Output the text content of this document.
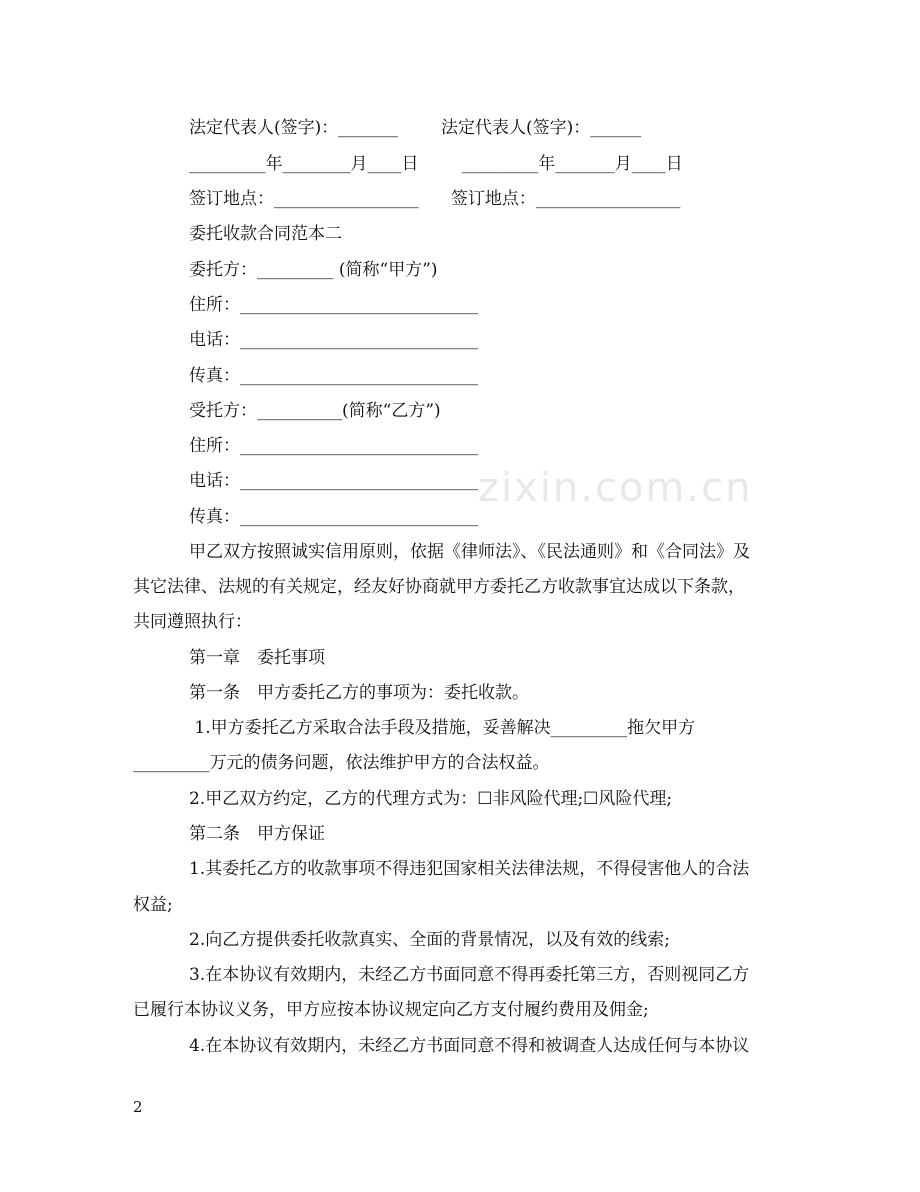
法定代表人(签字)：_______        法定代表人(签字)：______
_________年________月____日        _________年_______月____日
签订地点：_________________      签订地点：_________________
委托收款合同范本二
委托方：_________ (简称“甲方”)
住所：____________________________
电话：____________________________
传真：____________________________
受托方：__________(简称“乙方”)
住所：____________________________
电话：____________________________
传真：____________________________
甲乙双方按照诚实信用原则，依据《律师法》、《民法通则》和《合同法》及
其它法律、法规的有关规定，经友好协商就甲方委托乙方收款事宜达成以下条款，
共同遵照执行：
第一章　委托事项
第一条　甲方委托乙方的事项为：委托收款。
1.甲方委托乙方采取合法手段及措施，妥善解决_________拖欠甲方
_________万元的债务问题，依法维护甲方的合法权益。
2.甲乙双方约定，乙方的代理方式为：☐非风险代理;☐风险代理;
第二条　甲方保证
1.其委托乙方的收款事项不得违犯国家相关法律法规，不得侵害他人的合法
权益;
2.向乙方提供委托收款真实、全面的背景情况，以及有效的线索;
3.在本协议有效期内，未经乙方书面同意不得再委托第三方，否则视同乙方
已履行本协议义务，甲方应按本协议规定向乙方支付履约费用及佣金;
4.在本协议有效期内，未经乙方书面同意不得和被调查人达成任何与本协议
zixin.com.cn
2
